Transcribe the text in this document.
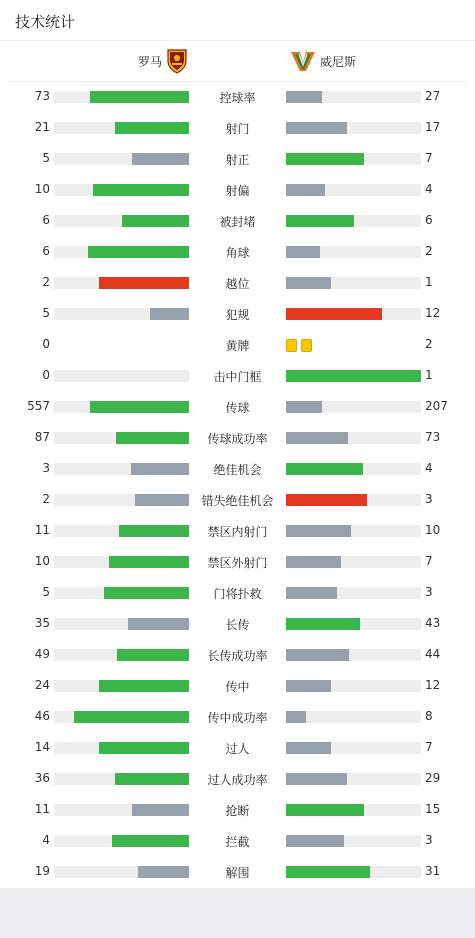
技术统计
罗马	威尼斯
73	控球率	27
21	射门	17
5	射正	7
10	射偏	4
6	被封堵	6
6	角球	2
2	越位	1
5	犯规	12
0	黄牌	2
0	击中门框	1
557	传球	207
87	传球成功率	73
3	绝佳机会	4
2	错失绝佳机会	3
11	禁区内射门	10
10	禁区外射门	7
5	门将扑救	3
35	长传	43
49	长传成功率	44
24	传中	12
46	传中成功率	8
14	过人	7
36	过人成功率	29
11	抢断	15
4	拦截	3
19	解围	31
